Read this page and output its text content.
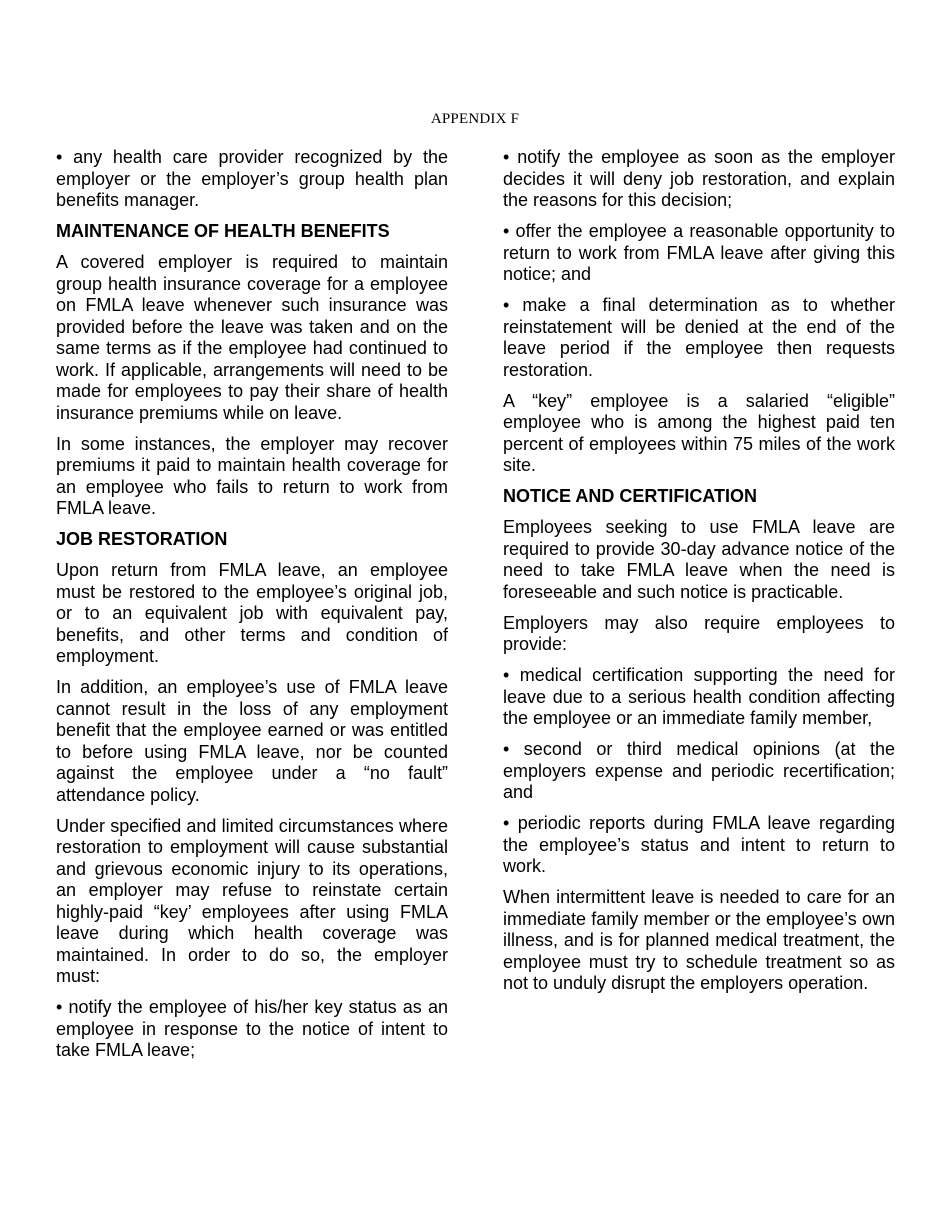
APPENDIX F

• any health care provider recognized by the employer or the employer’s group health plan benefits manager.

MAINTENANCE OF HEALTH BENEFITS

A covered employer is required to maintain group health insurance coverage for a employee on FMLA leave whenever such insurance was provided before the leave was taken and on the same terms as if the employee had continued to work. If applicable, arrangements will need to be made for employees to pay their share of health insurance premiums while on leave.

In some instances, the employer may recover premiums it paid to maintain health coverage for an employee who fails to return to work from FMLA leave.

JOB RESTORATION

Upon return from FMLA leave, an employee must be restored to the employee’s original job, or to an equivalent job with equivalent pay, benefits, and other terms and condition of employment.

In addition, an employee’s use of FMLA leave cannot result in the loss of any employment benefit that the employee earned or was entitled to before using FMLA leave, nor be counted against the employee under a “no fault” attendance policy.

Under specified and limited circumstances where restoration to employment will cause substantial and grievous economic injury to its operations, an employer may refuse to reinstate certain highly-paid “key’ employees after using FMLA leave during which health coverage was maintained. In order to do so, the employer must:

• notify the employee of his/her key status as an employee in response to the notice of intent to take FMLA leave;

• notify the employee as soon as the employer decides it will deny job restoration, and explain the reasons for this decision;

• offer the employee a reasonable opportunity to return to work from FMLA leave after giving this notice; and

• make a final determination as to whether reinstatement will be denied at the end of the leave period if the employee then requests restoration.

A “key” employee is a salaried “eligible” employee who is among the highest paid ten percent of employees within 75 miles of the work site.

NOTICE AND CERTIFICATION

Employees seeking to use FMLA leave are required to provide 30-day advance notice of the need to take FMLA leave when the need is foreseeable and such notice is practicable.

Employers may also require employees to provide:

• medical certification supporting the need for leave due to a serious health condition affecting the employee or an immediate family member,

• second or third medical opinions (at the employers expense and periodic recertification; and

• periodic reports during FMLA leave regarding the employee’s status and intent to return to work.

When intermittent leave is needed to care for an immediate family member or the employee’s own illness, and is for planned medical treatment, the employee must try to schedule treatment so as not to unduly disrupt the employers operation.
